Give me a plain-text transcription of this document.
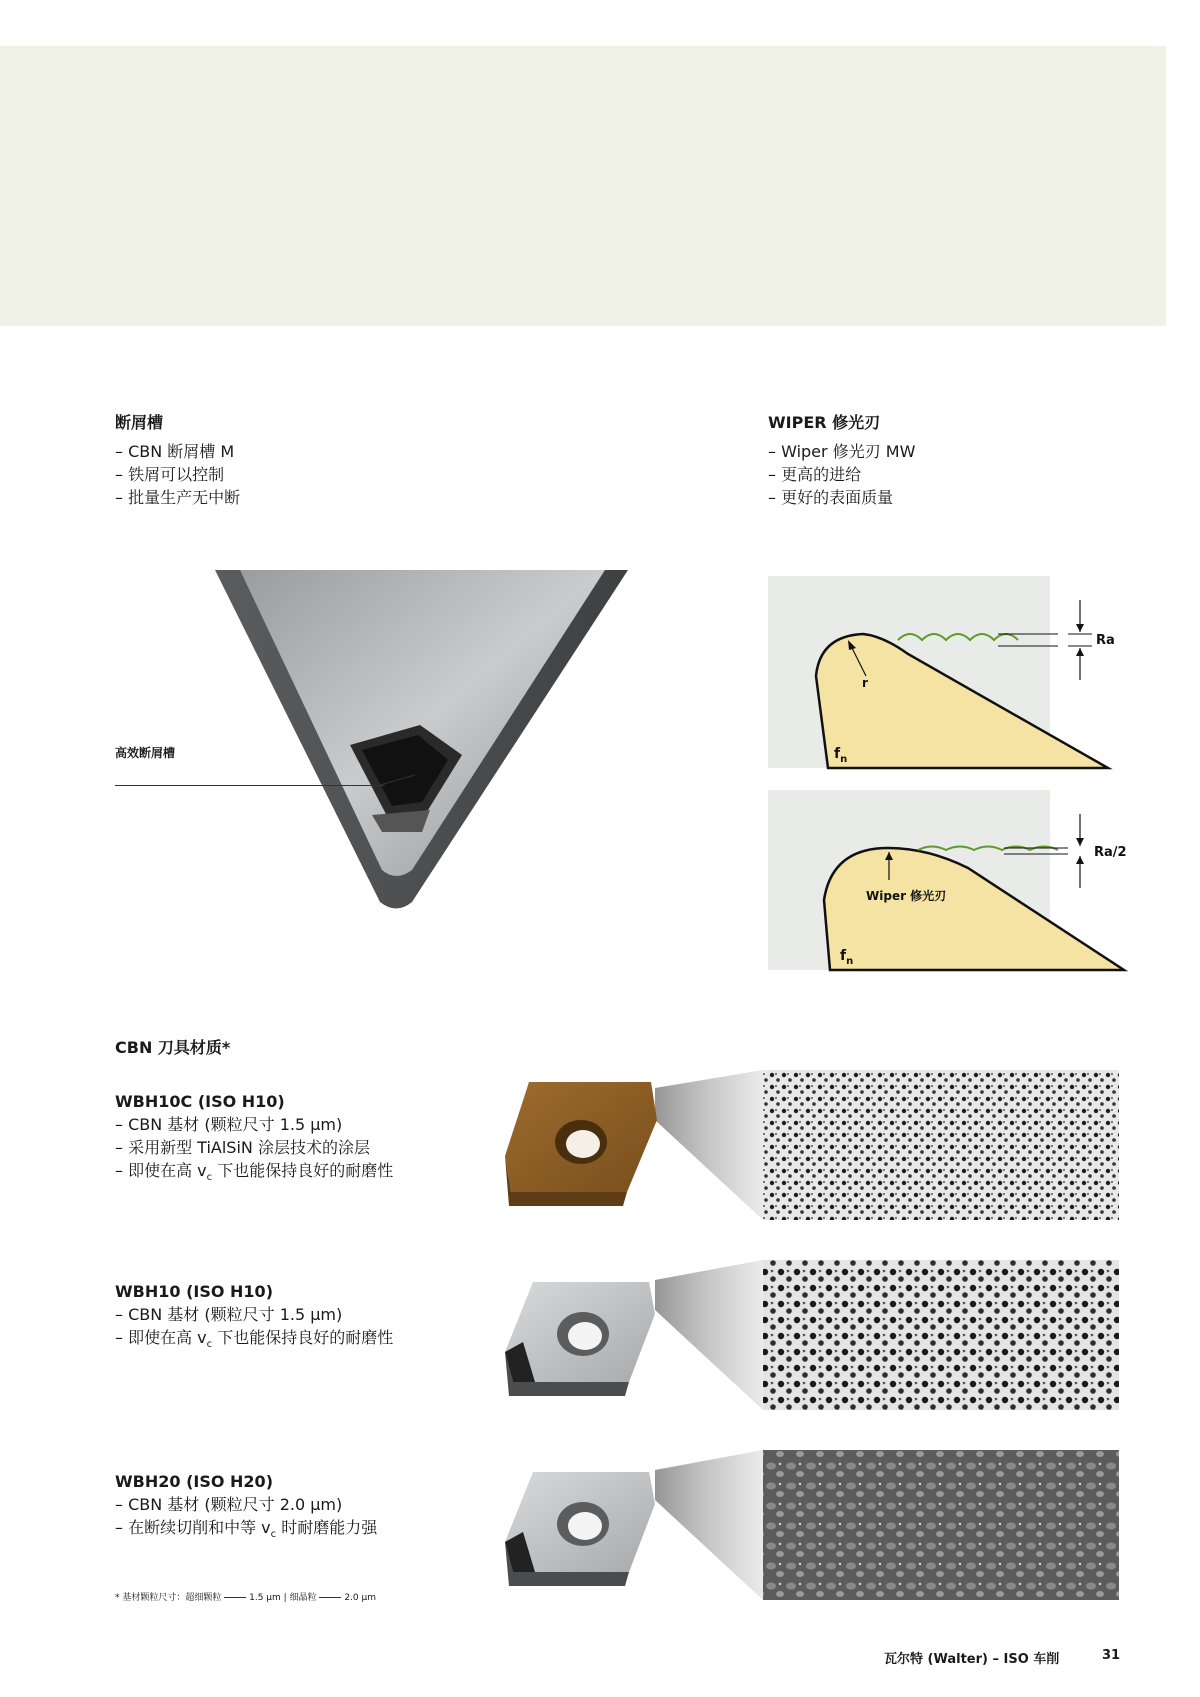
断屑槽
– CBN 断屑槽 M
– 铁屑可以控制
– 批量生产无中断
高效断屑槽
WIPER 修光刃
– Wiper 修光刃 MW
– 更高的进给
– 更好的表面质量
r
Ra
$f_n$
Ra/2
Wiper 修光刃
$f_n$
CBN 刀具材质*
WBH10C (ISO H10)
– CBN 基材 (颗粒尺寸 1.5 µm)
– 采用新型 TiAlSiN 涂层技术的涂层
– 即使在高 $v_c$ 下也能保持良好的耐磨性
WBH10 (ISO H10)
– CBN 基材 (颗粒尺寸 1.5 µm)
– 即使在高 $v_c$ 下也能保持良好的耐磨性
WBH20 (ISO H20)
– CBN 基材 (颗粒尺寸 2.0 µm)
– 在断续切削和中等 $v_c$ 时耐磨能力强
* 基材颗粒尺寸：超细颗粒	1.5 µm | 细晶粒	2.0 µm
瓦尔特 (Walter) – ISO 车削	31
